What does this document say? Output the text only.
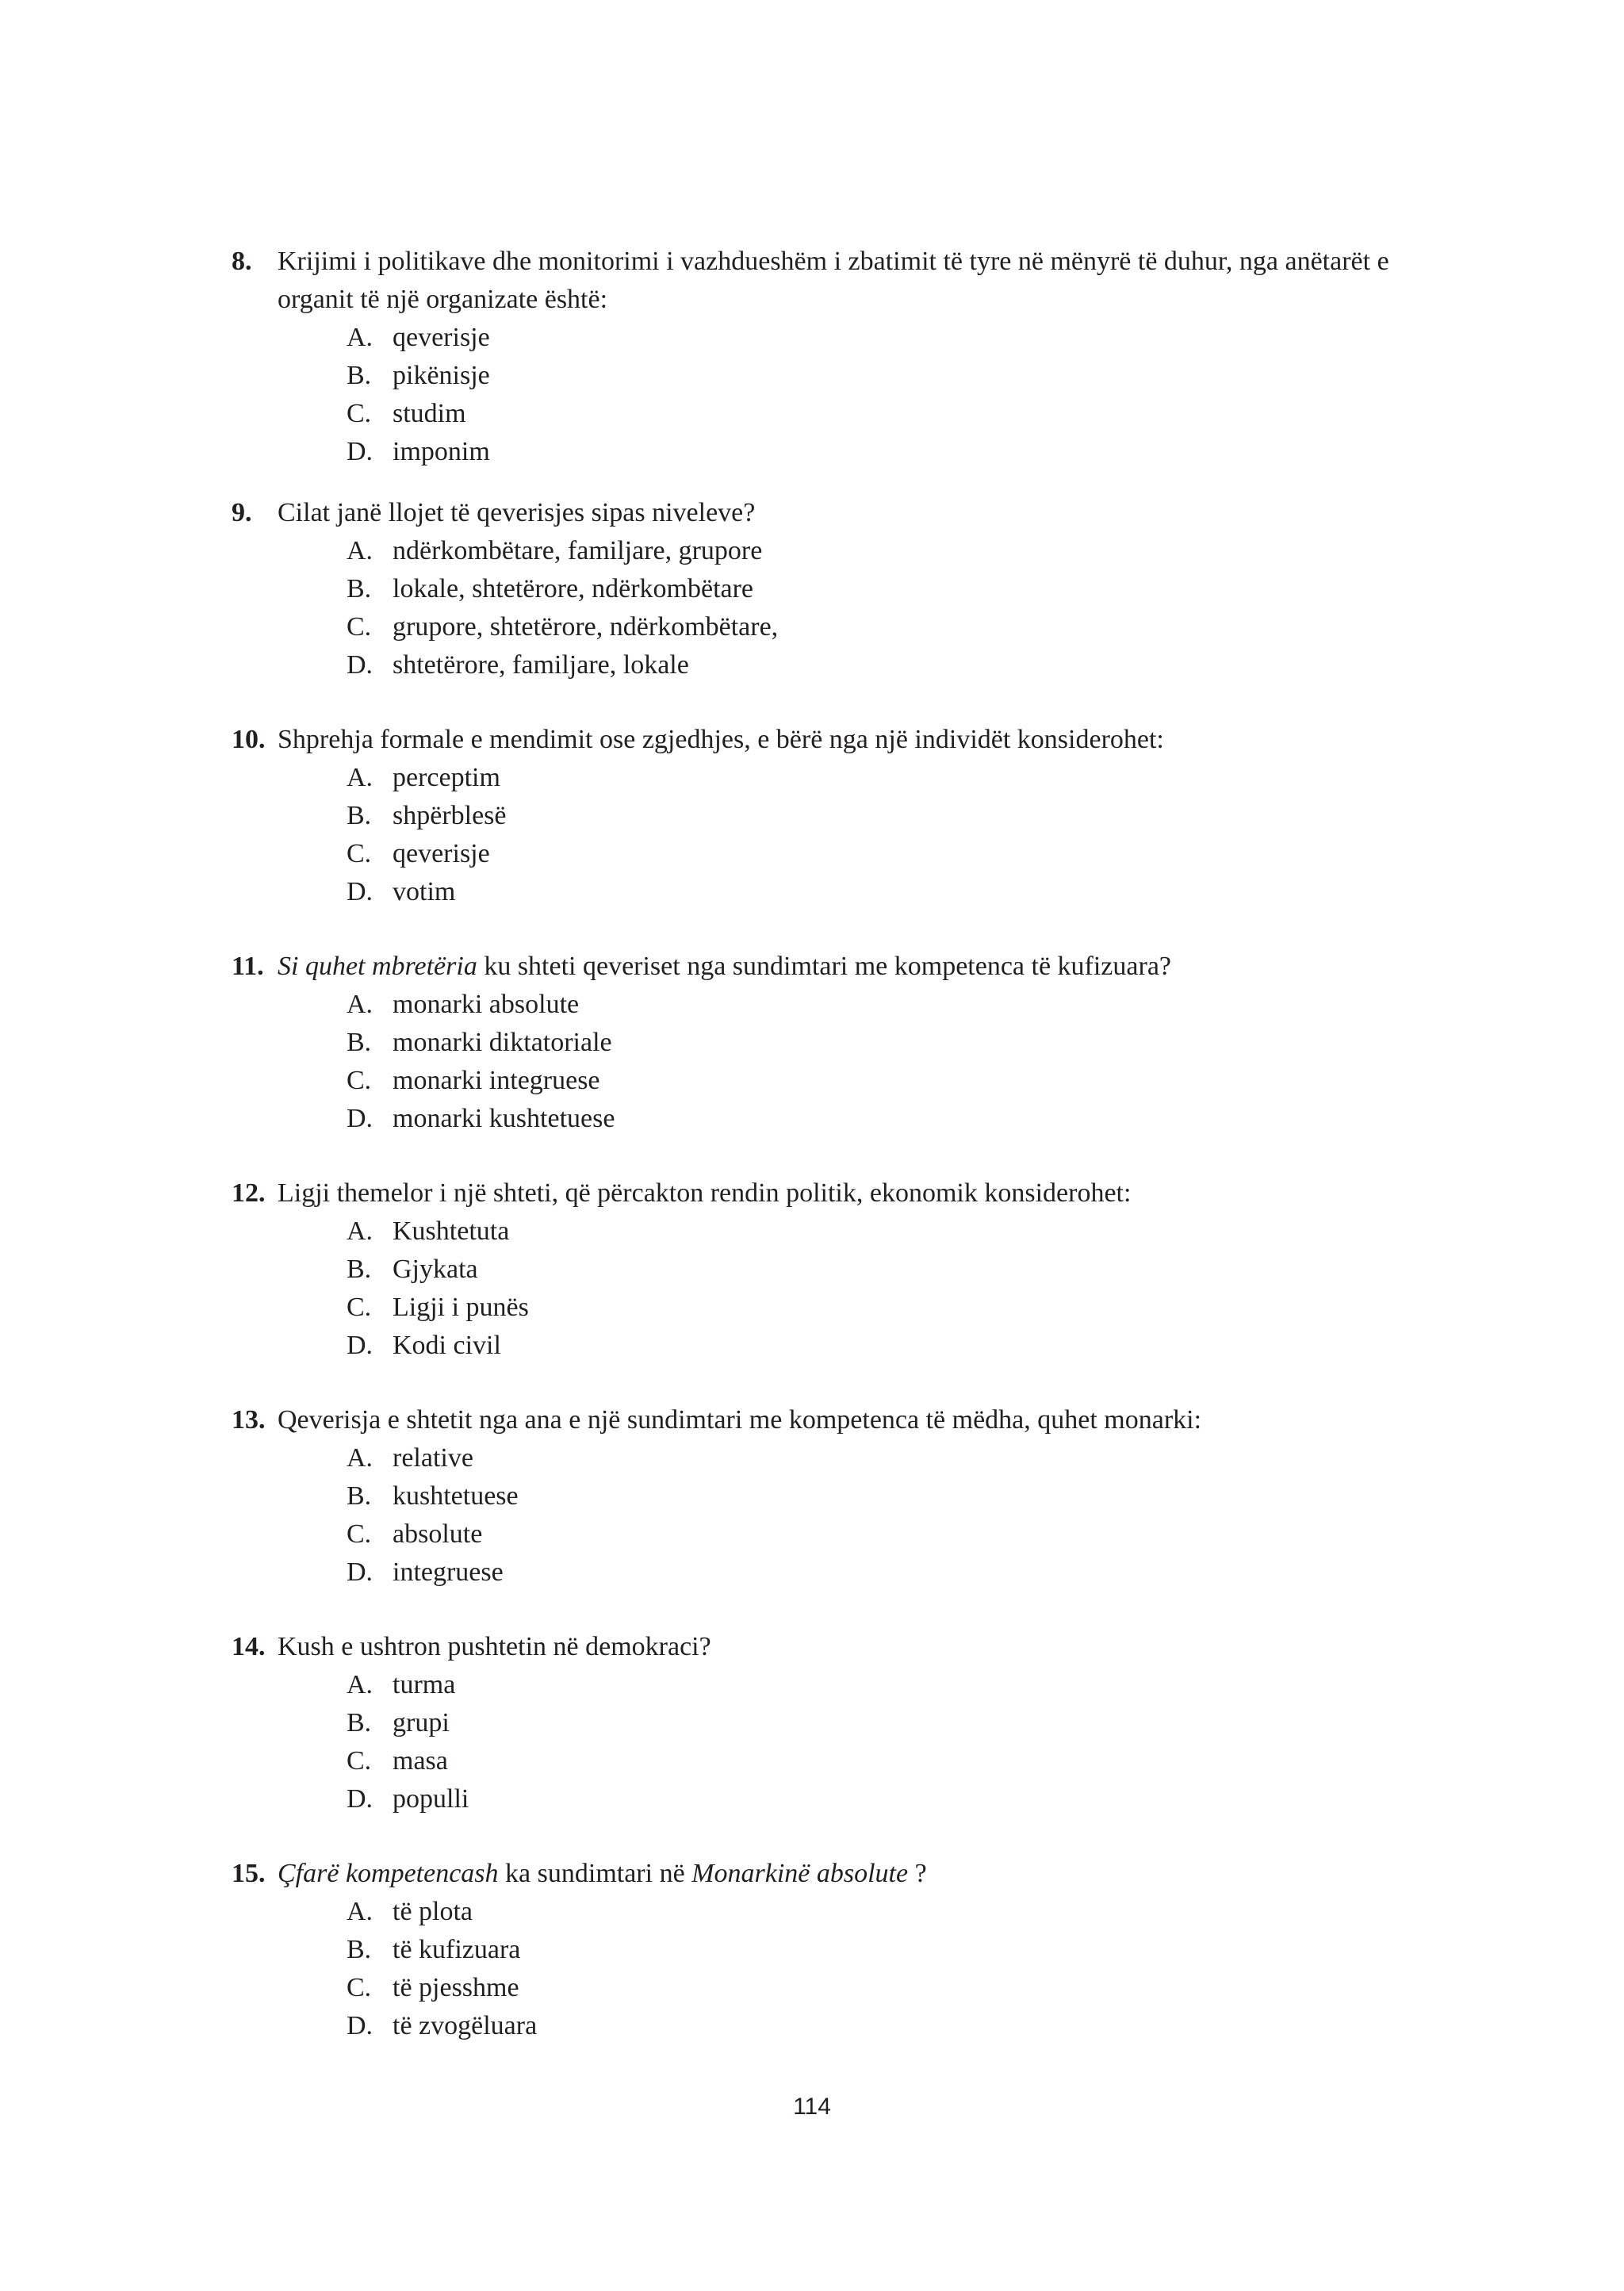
8. Krijimi i politikave dhe monitorimi i vazhdueshëm i zbatimit të tyre në mënyrë të duhur, nga anëtarët e organit të një organizate është:
A. qeverisje
B. pikënisje
C. studim
D. imponim
9. Cilat janë llojet të qeverisjes sipas niveleve?
A. ndërkombëtare, familjare, grupore
B. lokale, shtetërore, ndërkombëtare
C. grupore, shtetërore, ndërkombëtare,
D. shtetërore, familjare, lokale
10. Shprehja formale e mendimit ose zgjedhjes, e bërë nga një individët konsiderohet:
A. perceptim
B. shpërblesë
C. qeverisje
D. votim
11. Si quhet mbretëria ku shteti qeveriset nga sundimtari me kompetenca të kufizuara?
A. monarki absolute
B. monarki diktatoriale
C. monarki integruese
D. monarki kushtetuese
12. Ligji themelor i një shteti, që përcakton rendin politik, ekonomik konsiderohet:
A. Kushtetuta
B. Gjykata
C. Ligji i punës
D. Kodi civil
13. Qeverisja e shtetit nga ana e një sundimtari me kompetenca të mëdha, quhet monarki:
A. relative
B. kushtetuese
C. absolute
D. integruese
14. Kush e ushtron pushtetin në demokraci?
A. turma
B. grupi
C. masa
D. populli
15. Çfarë kompetencash ka sundimtari në Monarkinë absolute ?
A. të plota
B. të kufizuara
C. të pjesshme
D. të zvogëluara
114
